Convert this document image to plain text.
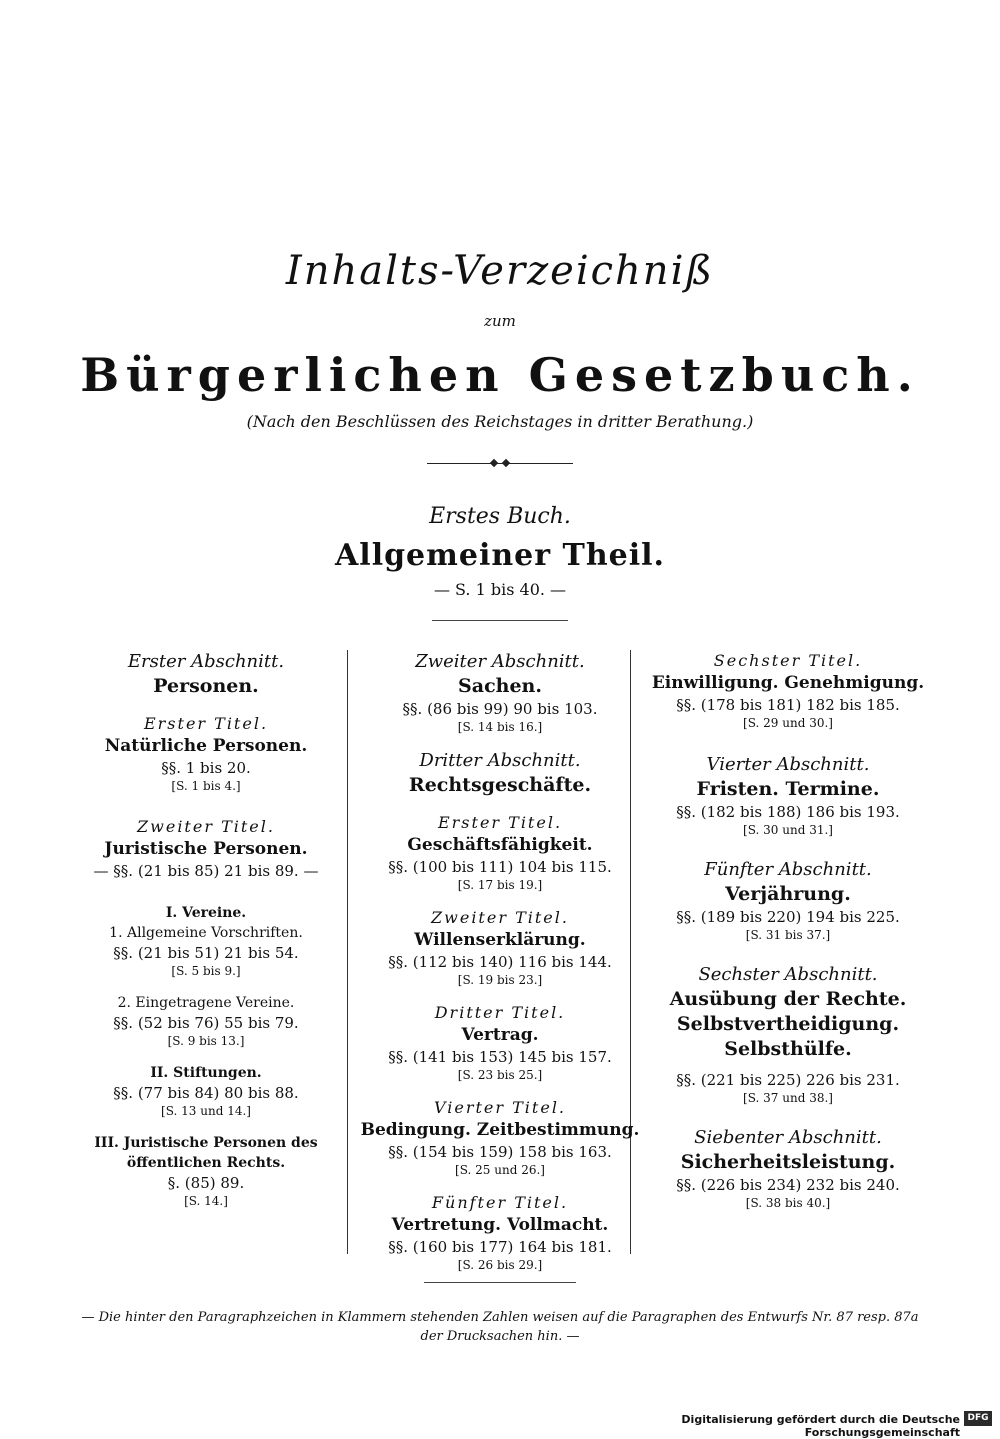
Inhalts-Verzeichniß
zum
Bürgerlichen Gesetzbuch.
(Nach den Beschlüssen des Reichstages in dritter Berathung.)
Erstes Buch.
Allgemeiner Theil.
— S. 1 bis 40. —
Erster Abschnitt.
Personen.
Erster Titel.
Natürliche Personen.
§§. 1 bis 20.
[S. 1 bis 4.]
Zweiter Titel.
Juristische Personen.
— §§. (21 bis 85) 21 bis 89. —
I. Vereine.
1. Allgemeine Vorschriften.
§§. (21 bis 51) 21 bis 54.
[S. 5 bis 9.]
2. Eingetragene Vereine.
§§. (52 bis 76) 55 bis 79.
[S. 9 bis 13.]
II. Stiftungen.
§§. (77 bis 84) 80 bis 88.
[S. 13 und 14.]
III. Juristische Personen des öffentlichen Rechts.
§. (85) 89.
[S. 14.]
Zweiter Abschnitt.
Sachen.
§§. (86 bis 99) 90 bis 103.
[S. 14 bis 16.]
Dritter Abschnitt.
Rechtsgeschäfte.
Erster Titel.
Geschäftsfähigkeit.
§§. (100 bis 111) 104 bis 115.
[S. 17 bis 19.]
Zweiter Titel.
Willenserklärung.
§§. (112 bis 140) 116 bis 144.
[S. 19 bis 23.]
Dritter Titel.
Vertrag.
§§. (141 bis 153) 145 bis 157.
[S. 23 bis 25.]
Vierter Titel.
Bedingung. Zeitbestimmung.
§§. (154 bis 159) 158 bis 163.
[S. 25 und 26.]
Fünfter Titel.
Vertretung. Vollmacht.
§§. (160 bis 177) 164 bis 181.
[S. 26 bis 29.]
Sechster Titel.
Einwilligung. Genehmigung.
§§. (178 bis 181) 182 bis 185.
[S. 29 und 30.]
Vierter Abschnitt.
Fristen. Termine.
§§. (182 bis 188) 186 bis 193.
[S. 30 und 31.]
Fünfter Abschnitt.
Verjährung.
§§. (189 bis 220) 194 bis 225.
[S. 31 bis 37.]
Sechster Abschnitt.
Ausübung der Rechte. Selbstvertheidigung. Selbsthülfe.
§§. (221 bis 225) 226 bis 231.
[S. 37 und 38.]
Siebenter Abschnitt.
Sicherheitsleistung.
§§. (226 bis 234) 232 bis 240.
[S. 38 bis 40.]
— Die hinter den Paragraphzeichen in Klammern stehenden Zahlen weisen auf die Paragraphen des Entwurfs Nr. 87 resp. 87a der Drucksachen hin. —
Digitalisierung gefördert durch die Deutsche Forschungsgemeinschaft
DFG
